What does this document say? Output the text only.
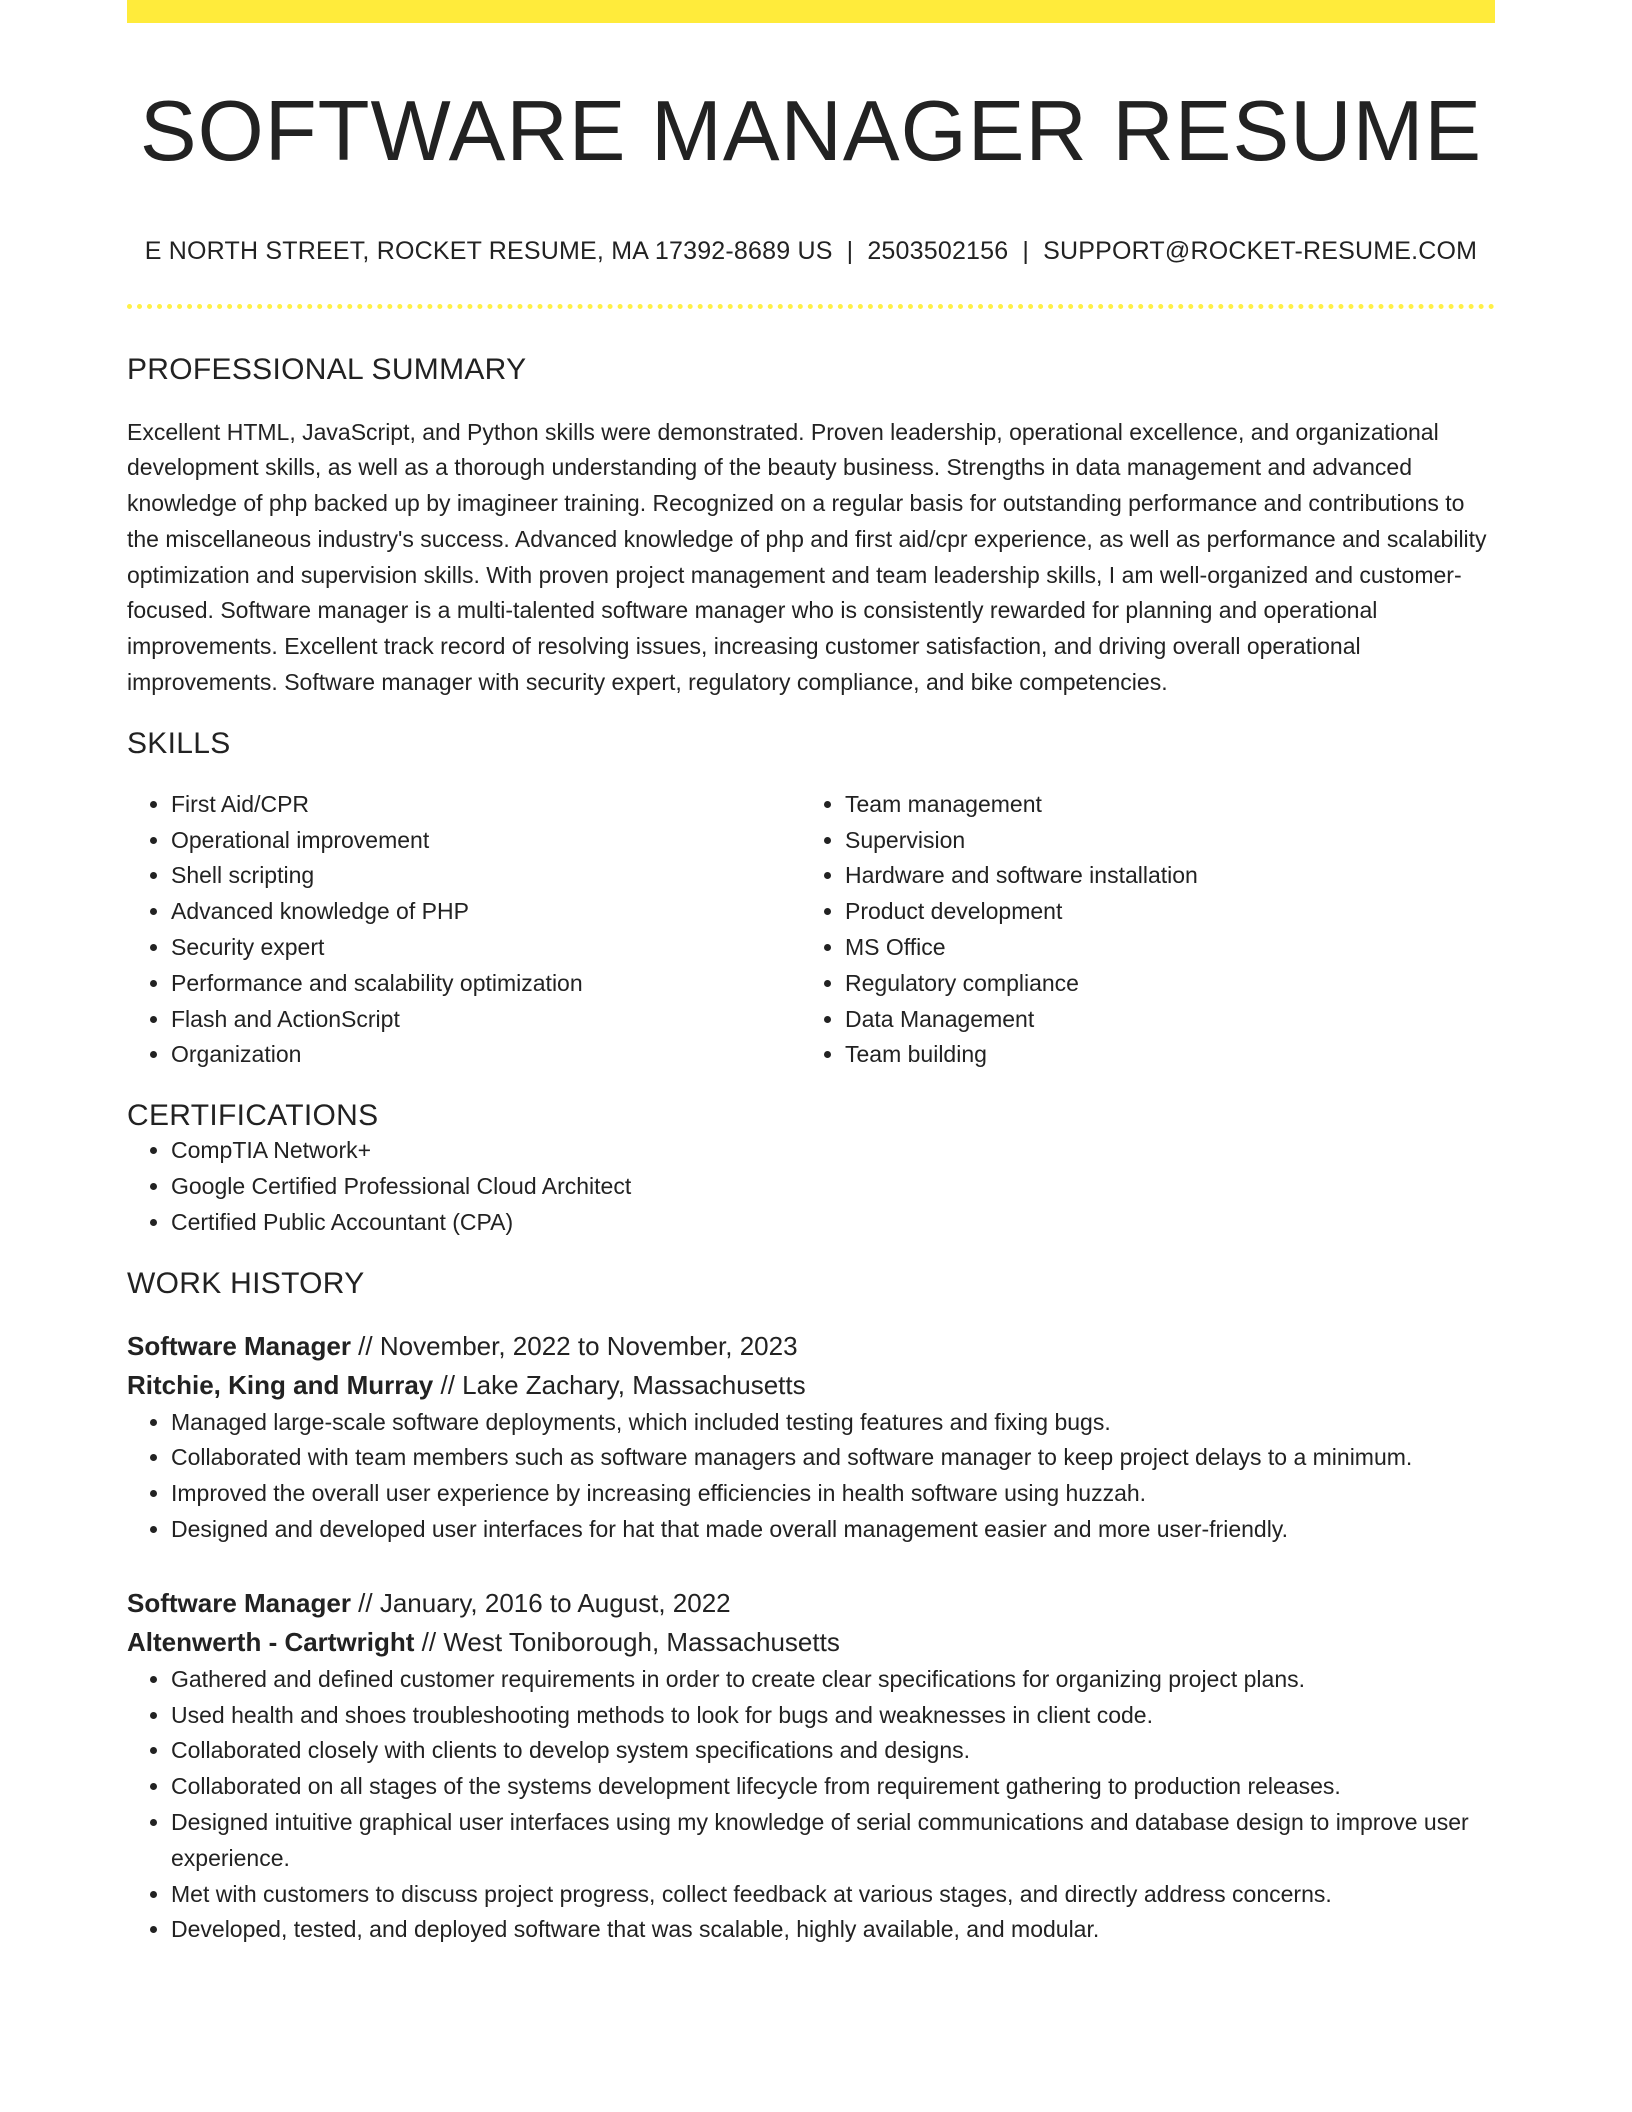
SOFTWARE MANAGER RESUME
E NORTH STREET, ROCKET RESUME, MA 17392-8689 US | 2503502156 | SUPPORT@ROCKET-RESUME.COM
PROFESSIONAL SUMMARY

Excellent HTML, JavaScript, and Python skills were demonstrated. Proven leadership, operational excellence, and organizational development skills, as well as a thorough understanding of the beauty business. Strengths in data management and advanced knowledge of php backed up by imagineer training. Recognized on a regular basis for outstanding performance and contributions to the miscellaneous industry's success. Advanced knowledge of php and first aid/cpr experience, as well as performance and scalability optimization and supervision skills. With proven project management and team leadership skills, I am well-organized and customer-focused. Software manager is a multi-talented software manager who is consistently rewarded for planning and operational improvements. Excellent track record of resolving issues, increasing customer satisfaction, and driving overall operational improvements. Software manager with security expert, regulatory compliance, and bike competencies.

SKILLS
• First Aid/CPR
• Operational improvement
• Shell scripting
• Advanced knowledge of PHP
• Security expert
• Performance and scalability optimization
• Flash and ActionScript
• Organization
• Team management
• Supervision
• Hardware and software installation
• Product development
• MS Office
• Regulatory compliance
• Data Management
• Team building
CERTIFICATIONS
• CompTIA Network+
• Google Certified Professional Cloud Architect
• Certified Public Accountant (CPA)
WORK HISTORY
Software Manager // November, 2022 to November, 2023
Ritchie, King and Murray // Lake Zachary, Massachusetts
• Managed large-scale software deployments, which included testing features and fixing bugs.
• Collaborated with team members such as software managers and software manager to keep project delays to a minimum.
• Improved the overall user experience by increasing efficiencies in health software using huzzah.
• Designed and developed user interfaces for hat that made overall management easier and more user-friendly.
Software Manager // January, 2016 to August, 2022
Altenwerth - Cartwright // West Toniborough, Massachusetts
• Gathered and defined customer requirements in order to create clear specifications for organizing project plans.
• Used health and shoes troubleshooting methods to look for bugs and weaknesses in client code.
• Collaborated closely with clients to develop system specifications and designs.
• Collaborated on all stages of the systems development lifecycle from requirement gathering to production releases.
• Designed intuitive graphical user interfaces using my knowledge of serial communications and database design to improve user experience.
• Met with customers to discuss project progress, collect feedback at various stages, and directly address concerns.
• Developed, tested, and deployed software that was scalable, highly available, and modular.
